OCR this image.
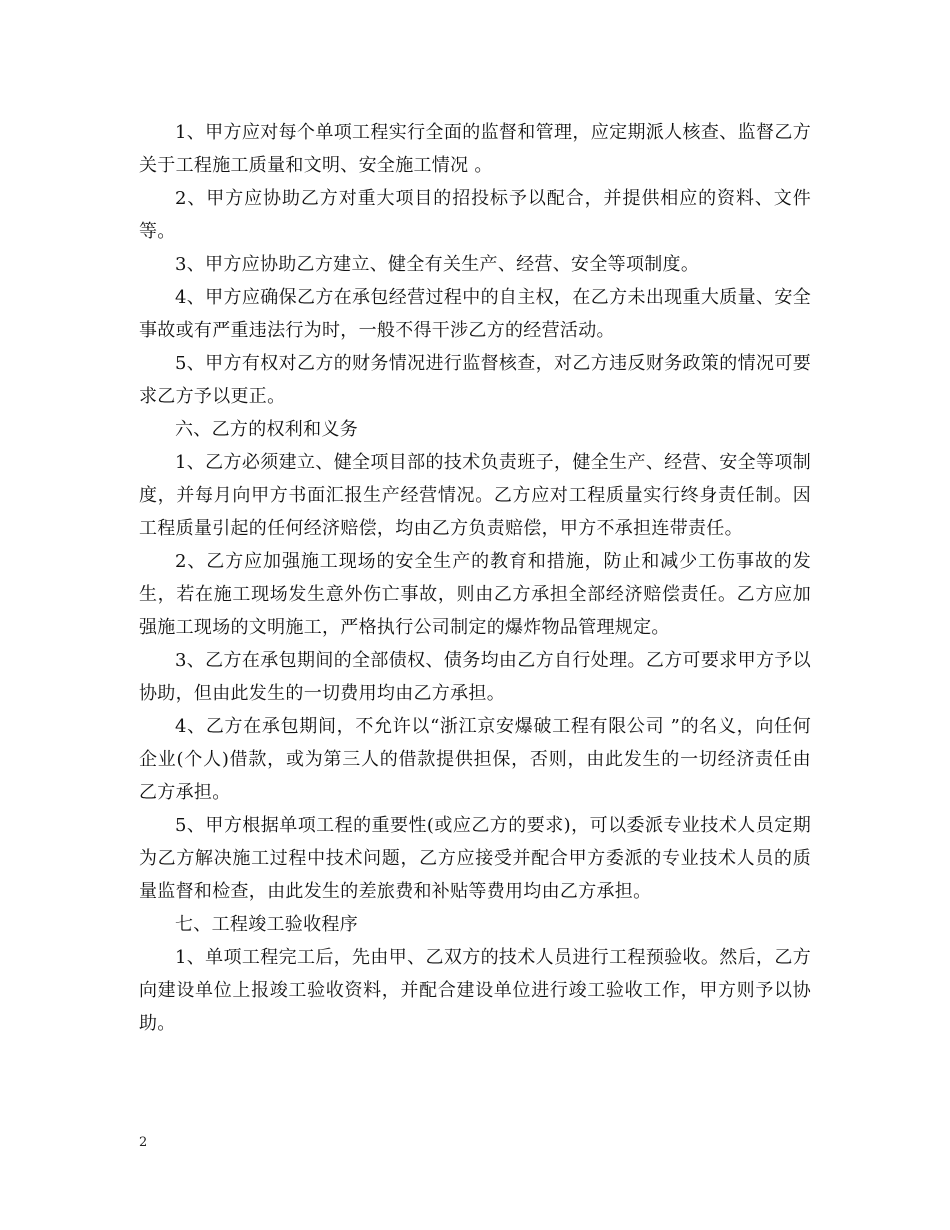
1、甲方应对每个单项工程实行全面的监督和管理，应定期派人核查、监督乙方关于工程施工质量和文明、安全施工情况 。

2、甲方应协助乙方对重大项目的招投标予以配合，并提供相应的资料、文件等。

3、甲方应协助乙方建立、健全有关生产、经营、安全等项制度。

4、甲方应确保乙方在承包经营过程中的自主权，在乙方未出现重大质量、安全事故或有严重违法行为时，一般不得干涉乙方的经营活动。

5、甲方有权对乙方的财务情况进行监督核查，对乙方违反财务政策的情况可要求乙方予以更正。

六、乙方的权利和义务

1、乙方必须建立、健全项目部的技术负责班子，健全生产、经营、安全等项制度，并每月向甲方书面汇报生产经营情况。乙方应对工程质量实行终身责任制。因工程质量引起的任何经济赔偿，均由乙方负责赔偿，甲方不承担连带责任。

2、乙方应加强施工现场的安全生产的教育和措施，防止和减少工伤事故的发生，若在施工现场发生意外伤亡事故，则由乙方承担全部经济赔偿责任。乙方应加强施工现场的文明施工，严格执行公司制定的爆炸物品管理规定。

3、乙方在承包期间的全部债权、债务均由乙方自行处理。乙方可要求甲方予以协助，但由此发生的一切费用均由乙方承担。

4、乙方在承包期间，不允许以“浙江京安爆破工程有限公司 ”的名义，向任何企业(个人)借款，或为第三人的借款提供担保，否则，由此发生的一切经济责任由乙方承担。

5、甲方根据单项工程的重要性(或应乙方的要求)，可以委派专业技术人员定期为乙方解决施工过程中技术问题，乙方应接受并配合甲方委派的专业技术人员的质量监督和检查，由此发生的差旅费和补贴等费用均由乙方承担。

七、工程竣工验收程序

1、单项工程完工后，先由甲、乙双方的技术人员进行工程预验收。然后，乙方向建设单位上报竣工验收资料，并配合建设单位进行竣工验收工作，甲方则予以协助。

2
